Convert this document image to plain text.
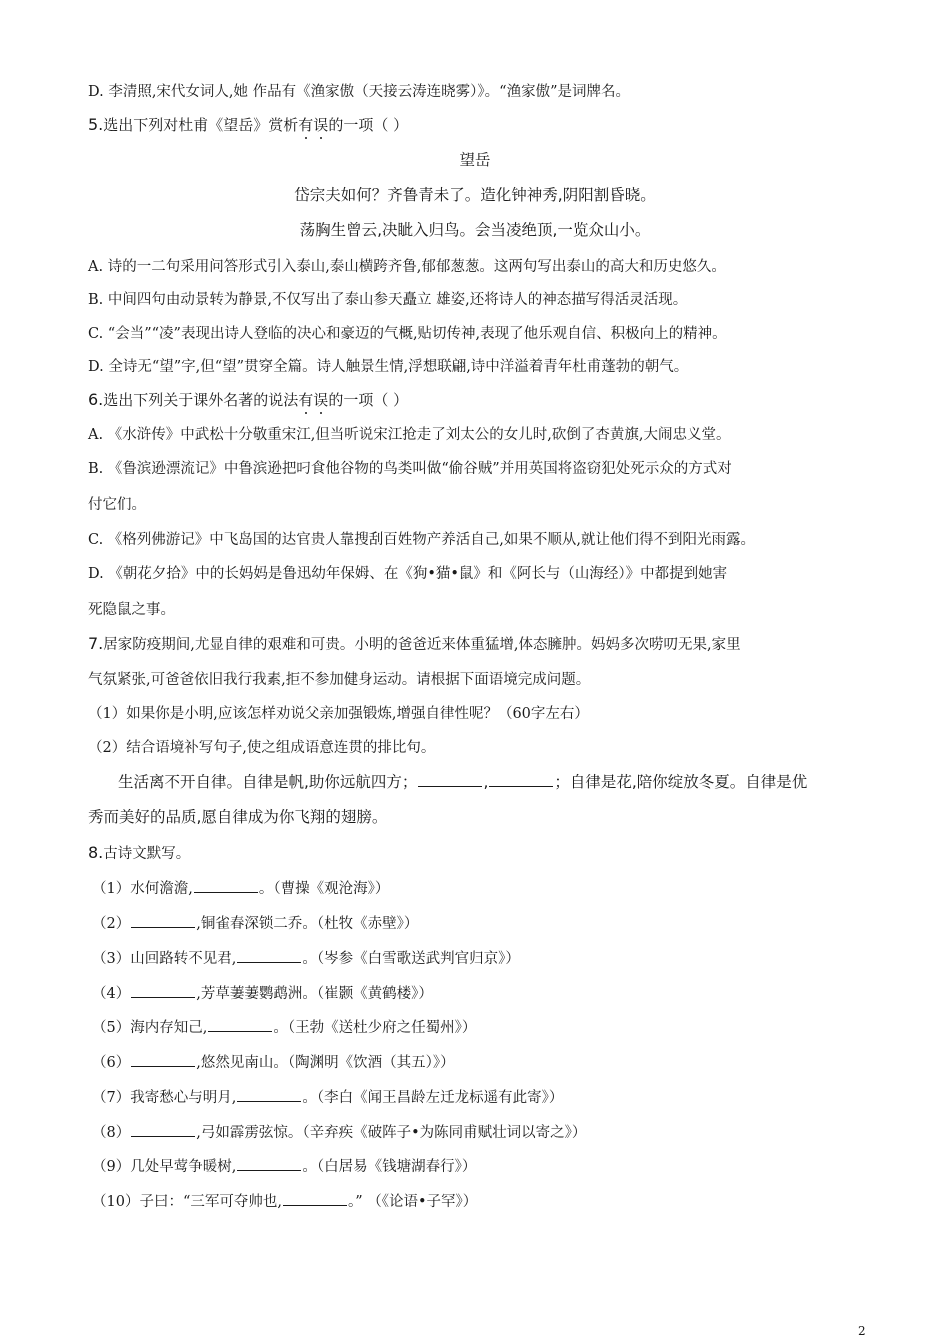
D. 李清照,宋代女词人,她 作品有《渔家傲（天接云涛连晓雾）》。“渔家傲”是词牌名。
5.选出下列对杜甫《望岳》赏析有误的一项（ ）
望岳
岱宗夫如何？齐鲁青未了。造化钟神秀,阴阳割昏晓。
荡胸生曾云,决眦入归鸟。会当凌绝顶,一览众山小。
A. 诗的一二句采用问答形式引入泰山,泰山横跨齐鲁,郁郁葱葱。这两句写出泰山的高大和历史悠久。
B. 中间四句由动景转为静景,不仅写出了泰山参天矗立 雄姿,还将诗人的神态描写得活灵活现。
C. “会当”“凌”表现出诗人登临的决心和豪迈的气概,贴切传神,表现了他乐观自信、积极向上的精神。
D. 全诗无“望”字,但“望”贯穿全篇。诗人触景生情,浮想联翩,诗中洋溢着青年杜甫蓬勃的朝气。
6.选出下列关于课外名著的说法有误的一项（ ）
A. 《水浒传》中武松十分敬重宋江,但当听说宋江抢走了刘太公的女儿时,砍倒了杏黄旗,大闹忠义堂。
B. 《鲁滨逊漂流记》中鲁滨逊把叼食他谷物的鸟类叫做“偷谷贼”并用英国将盗窃犯处死示众的方式对
付它们。
C. 《格列佛游记》中飞岛国的达官贵人靠搜刮百姓物产养活自己,如果不顺从,就让他们得不到阳光雨露。
D. 《朝花夕拾》中的长妈妈是鲁迅幼年保姆、在《狗•猫•鼠》和《阿长与（山海经）》中都提到她害
死隐鼠之事。
7.居家防疫期间,尤显自律的艰难和可贵。小明的爸爸近来体重猛增,体态臃肿。妈妈多次唠叨无果,家里
气氛紧张,可爸爸依旧我行我素,拒不参加健身运动。请根据下面语境完成问题。
（1）如果你是小明,应该怎样劝说父亲加强锻炼,增强自律性呢？（60字左右）
（2）结合语境补写句子,使之组成语意连贯的排比句。
生活离不开自律。自律是帆,助你远航四方；	,	；自律是花,陪你绽放冬夏。自律是优
秀而美好的品质,愿自律成为你飞翔的翅膀。
8.古诗文默写。
（1）水何澹澹,	。（曹操《观沧海》）
（2）	,铜雀春深锁二乔。（杜牧《赤壁》）
（3）山回路转不见君,	。（岑参《白雪歌送武判官归京》）
（4）	,芳草萋萋鹦鹉洲。（崔颢《黄鹤楼》）
（5）海内存知己,	。（王勃《送杜少府之任蜀州》）
（6）	,悠然见南山。（陶渊明《饮酒（其五）》）
（7）我寄愁心与明月,	。（李白《闻王昌龄左迁龙标遥有此寄》）
（8）	,弓如霹雳弦惊。（辛弃疾《破阵子•为陈同甫赋壮词以寄之》）
（9）几处早莺争暖树,	。（白居易《钱塘湖春行》）
（10）子曰：“三军可夺帅也,	。” （《论语•子罕》）
2
